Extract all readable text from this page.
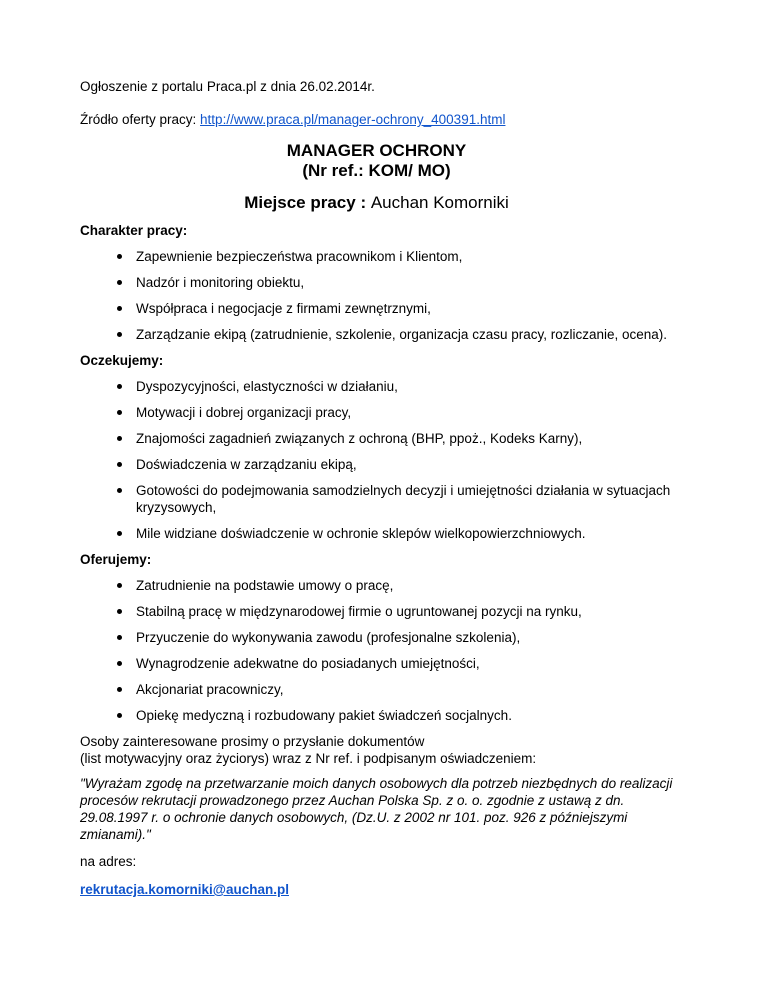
Ogłoszenie z portalu Praca.pl z dnia 26.02.2014r.

Źródło oferty pracy: http://www.praca.pl/manager-ochrony_400391.html

MANAGER OCHRONY
(Nr ref.: KOM/ MO)
Miejsce pracy : Auchan Komorniki
Charakter pracy:
Zapewnienie bezpieczeństwa pracownikom i Klientom,
Nadzór i monitoring obiektu,
Współpraca i negocjacje z firmami zewnętrznymi,
Zarządzanie ekipą (zatrudnienie, szkolenie, organizacja czasu pracy, rozliczanie, ocena).
Oczekujemy:
Dyspozycyjności, elastyczności w działaniu,
Motywacji i dobrej organizacji pracy,
Znajomości zagadnień związanych z ochroną (BHP, ppoż., Kodeks Karny),
Doświadczenia w zarządzaniu ekipą,
Gotowości do podejmowania samodzielnych decyzji i umiejętności działania w sytuacjach kryzysowych,
Mile widziane doświadczenie w ochronie sklepów wielkopowierzchniowych.
Oferujemy:
Zatrudnienie na podstawie umowy o pracę,
Stabilną pracę w międzynarodowej firmie o ugruntowanej pozycji na rynku,
Przyuczenie do wykonywania zawodu (profesjonalne szkolenia),
Wynagrodzenie adekwatne do posiadanych umiejętności,
Akcjonariat pracowniczy,
Opiekę medyczną i rozbudowany pakiet świadczeń socjalnych.

Osoby zainteresowane prosimy o przysłanie dokumentów
(list motywacyjny oraz życiorys) wraz z Nr ref. i podpisanym oświadczeniem:

"Wyrażam zgodę na przetwarzanie moich danych osobowych dla potrzeb niezbędnych do realizacji procesów rekrutacji prowadzonego przez Auchan Polska Sp. z o. o. zgodnie z ustawą z dn. 29.08.1997 r. o ochronie danych osobowych, (Dz.U. z 2002 nr 101. poz. 926 z późniejszymi zmianami)."

na adres:

rekrutacja.komorniki@auchan.pl
